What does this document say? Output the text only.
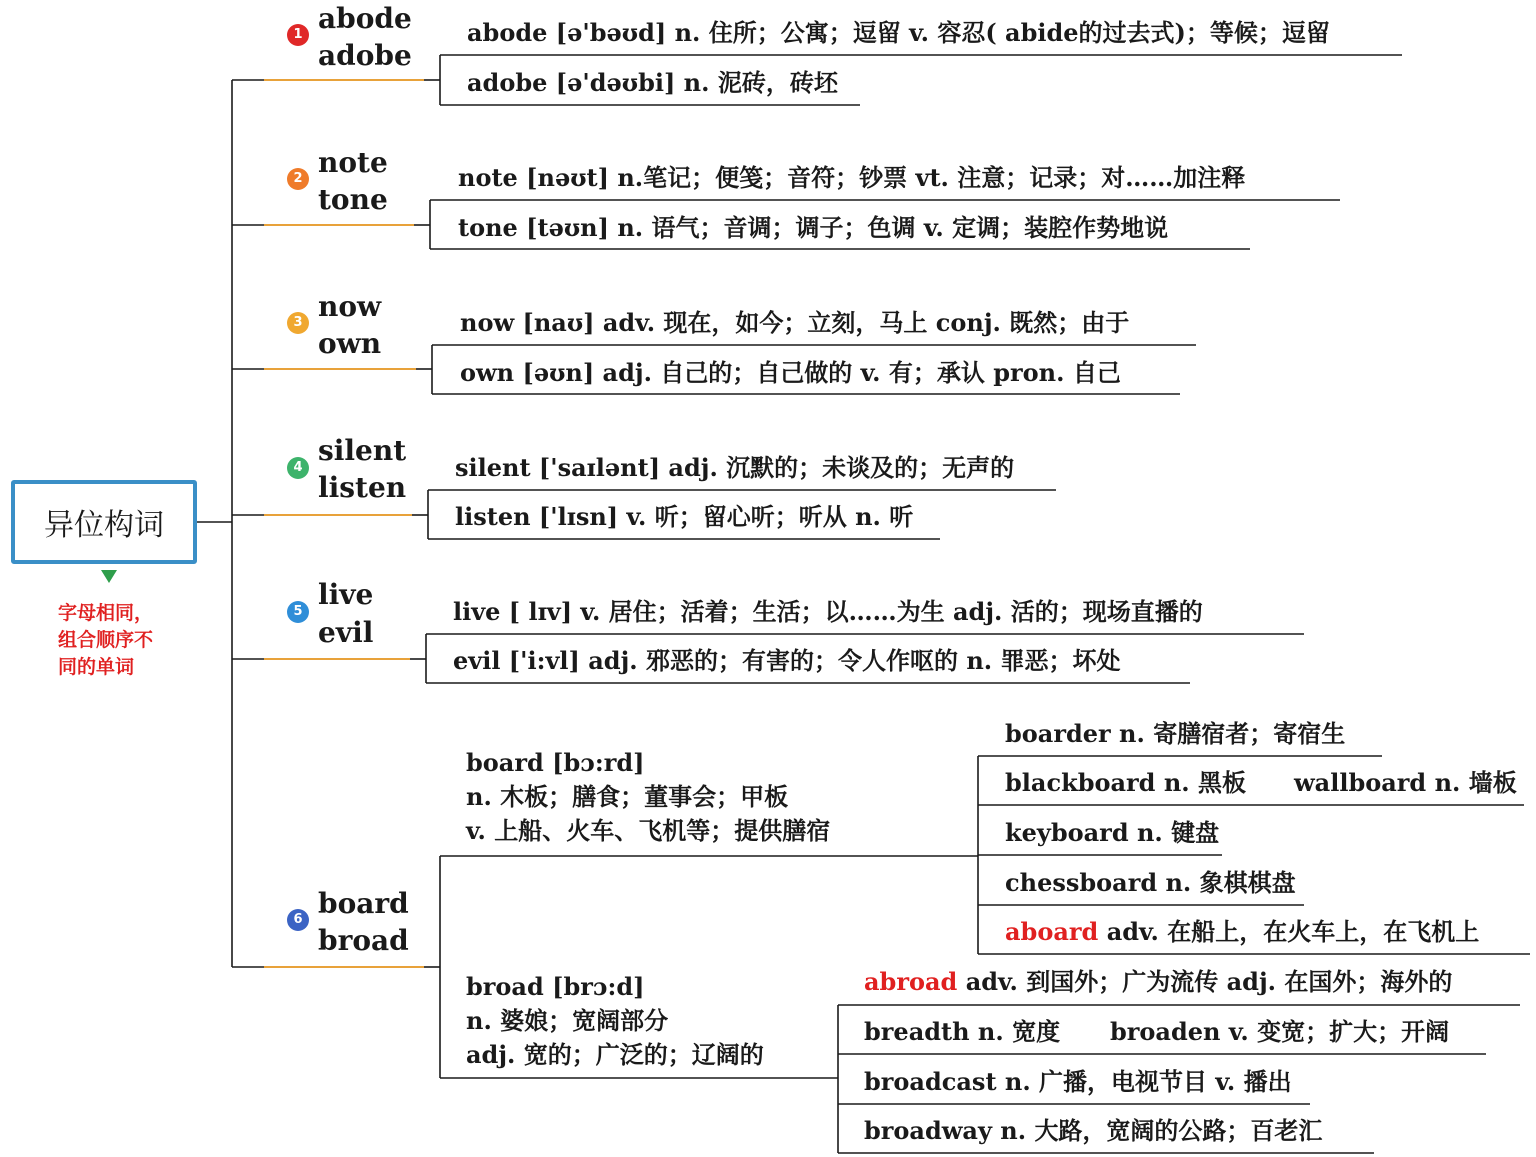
异位构词
字母相同，
组合顺序不
同的单词
1 abode
adobe
abode [ə'bəʊd] n. 住所；公寓；逗留 v. 容忍( abide的过去式)；等候；逗留
adobe [ə'dəʊbi] n. 泥砖，砖坯
2 note
tone
note [nəʊt] n.笔记；便笺；音符；钞票 vt. 注意；记录；对……加注释
tone [təʊn] n. 语气；音调；调子；色调 v. 定调；装腔作势地说
3 now
own
now [naʊ] adv. 现在，如今；立刻，马上 conj. 既然；由于
own [əʊn] adj. 自己的；自己做的 v. 有；承认 pron. 自己
4
silent
listen
silent ['saɪlənt] adj. 沉默的；未谈及的；无声的
listen ['lɪsn] v. 听；留心听；听从 n. 听
5
live
evil
live [ lɪv] v. 居住；活着；生活；以……为生 adj. 活的；现场直播的
evil ['i:vl] adj. 邪恶的；有害的；令人作呕的 n. 罪恶；坏处
6 board
broad
board [bɔ:rd]
n. 木板；膳食；董事会；甲板
v. 上船、火车、飞机等；提供膳宿
broad [brɔ:d]
n. 婆娘；宽阔部分
adj. 宽的；广泛的；辽阔的
boarder n. 寄膳宿者；寄宿生
blackboard n. 黑板 wallboard n. 墙板
keyboard n. 键盘
chessboard n. 象棋棋盘
aboard adv. 在船上，在火车上，在飞机上
abroad adv. 到国外；广为流传 adj. 在国外；海外的
breadth n. 宽度 broaden v. 变宽；扩大；开阔
broadcast n. 广播，电视节目 v. 播出
broadway n. 大路，宽阔的公路；百老汇
